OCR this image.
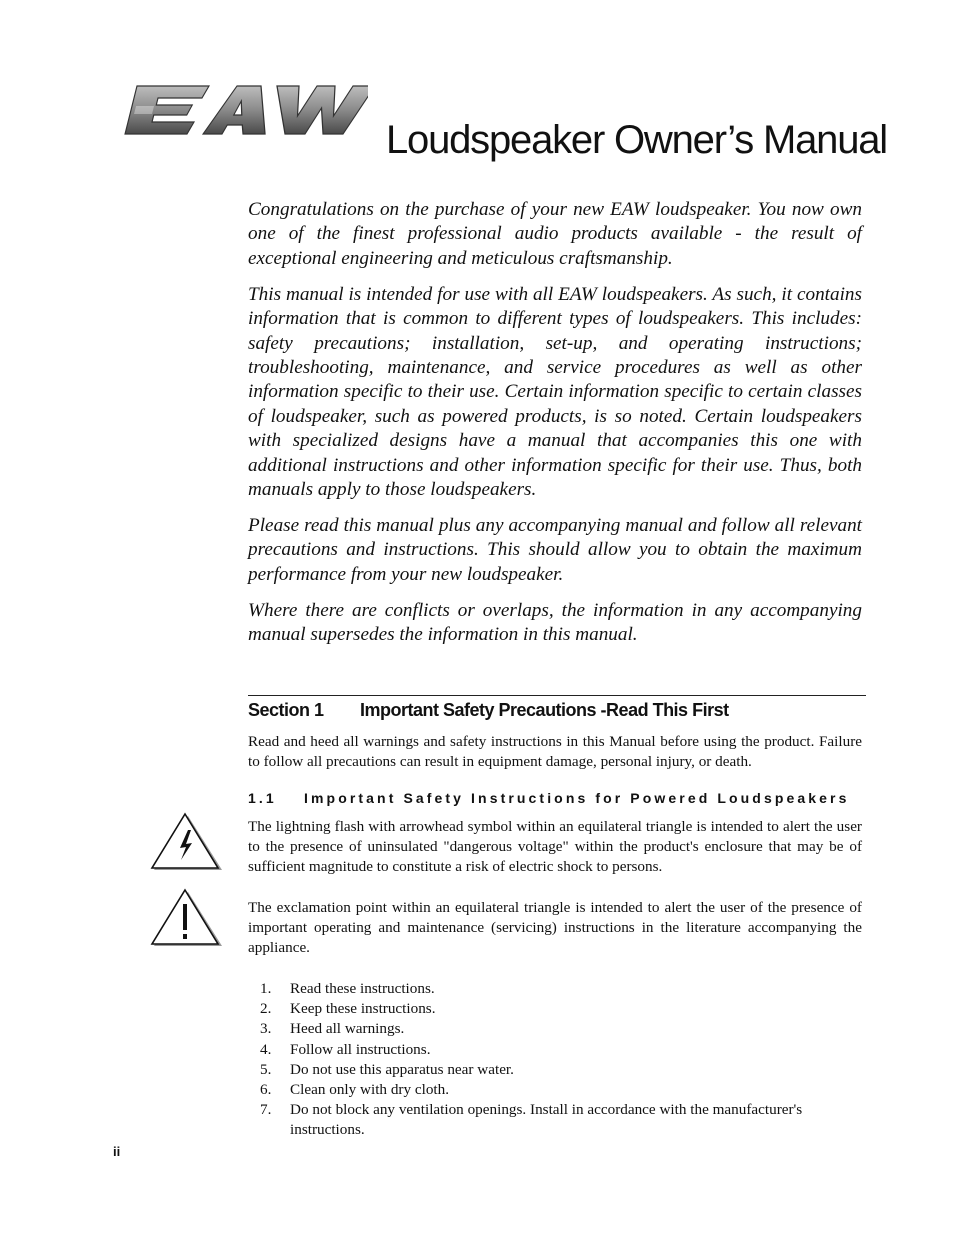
Loudspeaker Owner’s Manual

Congratulations on the purchase of your new EAW loudspeaker. You now own one of the finest professional audio products available - the result of exceptional engineering and meticulous craftsmanship.

This manual is intended for use with all EAW loudspeakers. As such, it contains information that is common to different types of loudspeakers. This includes: safety precautions; installation, set-up, and operating instructions; troubleshooting, maintenance, and service procedures as well as other information specific to their use. Certain information specific to certain classes of loudspeaker, such as powered products, is so noted. Certain loudspeakers with specialized designs have a manual that accompanies this one with additional instructions and other information specific for their use. Thus, both manuals apply to those loudspeakers.

Please read this manual plus any accompanying manual and follow all relevant precautions and instructions. This should allow you to obtain the maximum performance from your new loudspeaker.

Where there are conflicts or overlaps, the information in any accompanying manual supersedes the information in this manual.

Section 1 Important Safety Precautions -Read This First

Read and heed all warnings and safety instructions in this Manual before using the product. Failure to follow all precautions can result in equipment damage, personal injury, or death.

1.1 Important Safety Instructions for Powered Loudspeakers

The lightning flash with arrowhead symbol within an equilateral triangle is intended to alert the user to the presence of uninsulated "dangerous voltage" within the product's enclosure that may be of sufficient magnitude to constitute a risk of electric shock to persons.

The exclamation point within an equilateral triangle is intended to alert the user of the presence of important operating and maintenance (servicing) instructions in the literature accompanying the appliance.

1.	Read these instructions.
2.	Keep these instructions.
3.	Heed all warnings.
4.	Follow all instructions.
5.	Do not use this apparatus near water.
6.	Clean only with dry cloth.
7.	Do not block any ventilation openings. Install in accordance with the manufacturer's instructions.
ii
